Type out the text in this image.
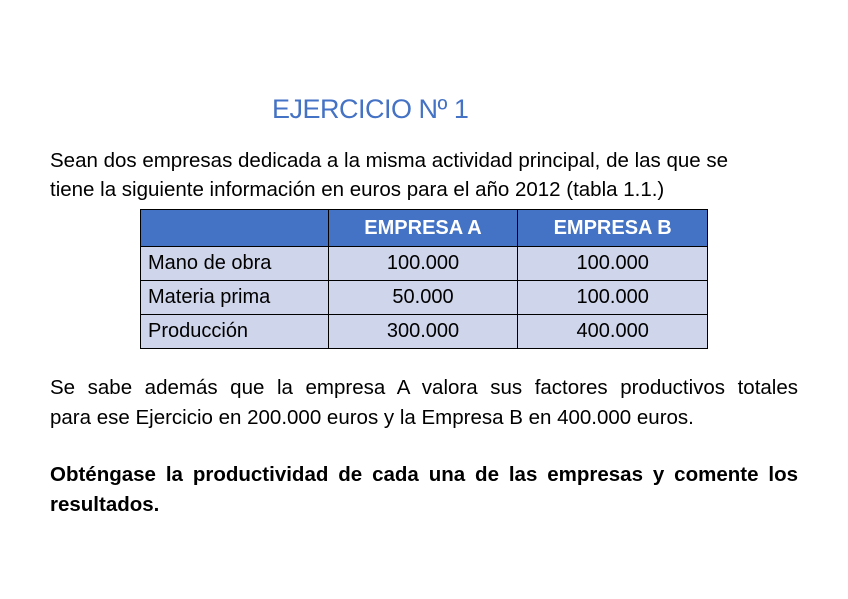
EJERCICIO Nº 1

Sean dos empresas dedicada a la misma actividad principal, de las que se
tiene la siguiente información en euros para el año 2012 (tabla 1.1.)

	EMPRESA A	EMPRESA B
Mano de obra	100.000	100.000
Materia prima	50.000	100.000
Producción	300.000	400.000

Se sabe además que la empresa A valora sus factores productivos totales
para ese Ejercicio en 200.000 euros y la Empresa B en 400.000 euros.

Obténgase la productividad de cada una de las empresas y comente los
resultados.
